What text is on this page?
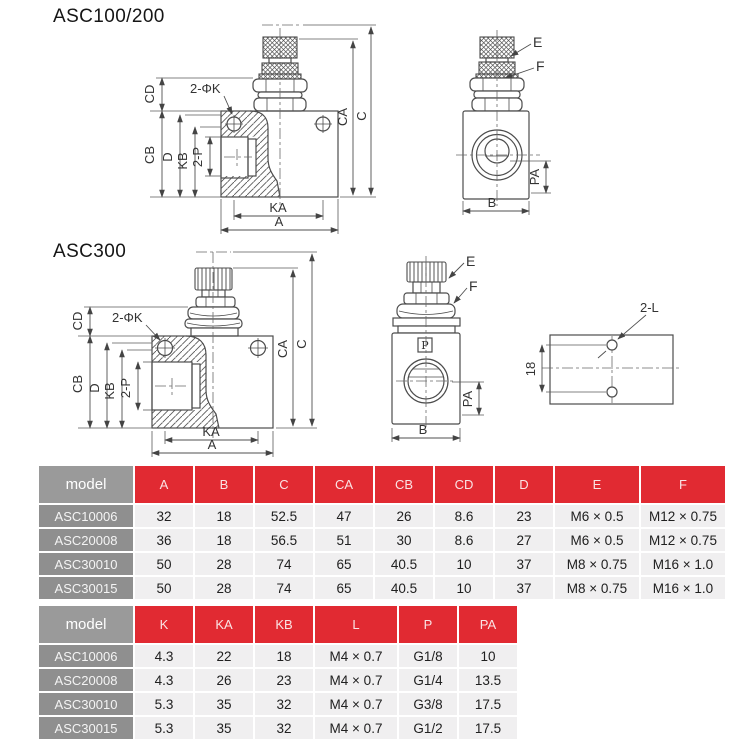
ASC100/200
ASC300
C
CA
CD
CB D KB 2-P
2-ΦK
KA
A
E
F
PA
B
C
CA
CD
CB D KB 2-P
2-ΦK
KA
A
P
E
F
PA
B
2-L
18
model	A	B	C	CA	CB	CD	D	E	F
ASC10006	32	18	52.5	47	26	8.6	23	M6 × 0.5	M12 × 0.75
ASC20008	36	18	56.5	51	30	8.6	27	M6 × 0.5	M12 × 0.75
ASC30010	50	28	74	65	40.5	10	37	M8 × 0.75	M16 × 1.0
ASC30015	50	28	74	65	40.5	10	37	M8 × 0.75	M16 × 1.0
model	K	KA	KB	L	P	PA
ASC10006	4.3	22	18	M4 × 0.7	G1/8	10
ASC20008	4.3	26	23	M4 × 0.7	G1/4	13.5
ASC30010	5.3	35	32	M4 × 0.7	G3/8	17.5
ASC30015	5.3	35	32	M4 × 0.7	G1/2	17.5
